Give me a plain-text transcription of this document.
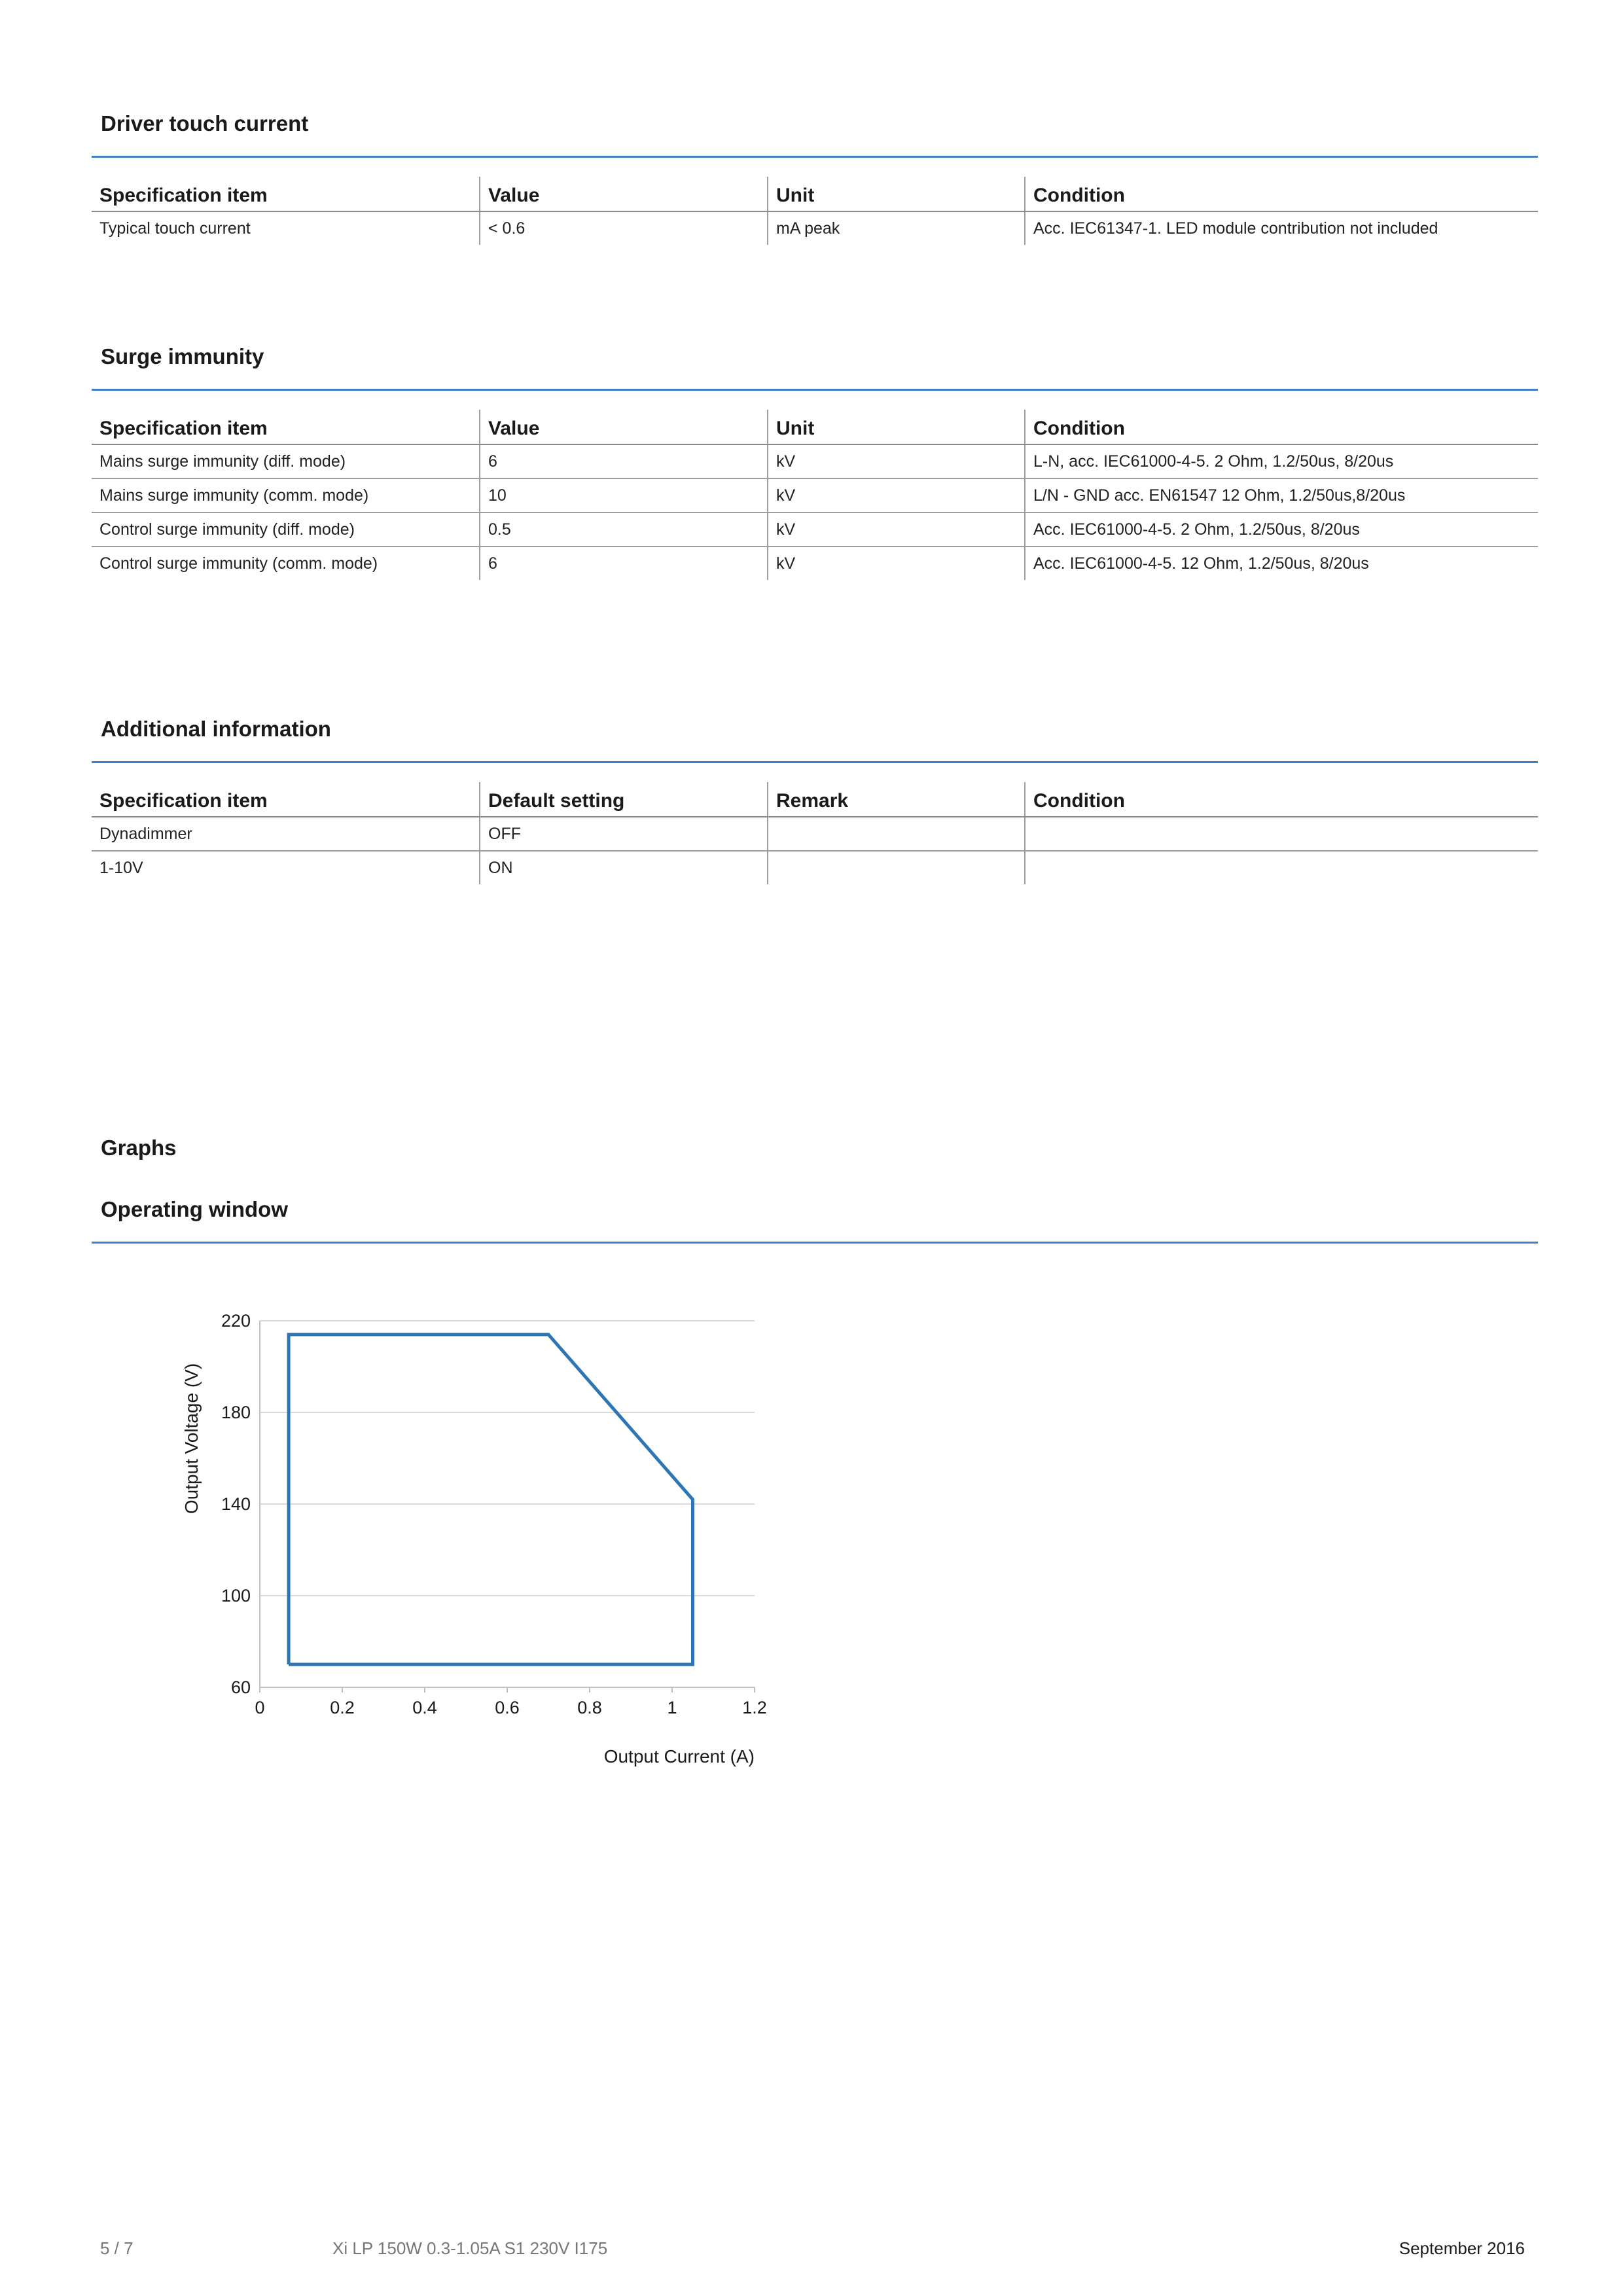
Driver touch current
Specification item	Value	Unit	Condition
Typical touch current	< 0.6	mA peak	Acc. IEC61347-1. LED module contribution not included
Surge immunity
Specification item	Value	Unit	Condition
Mains surge immunity (diff. mode)	6	kV	L-N, acc. IEC61000-4-5. 2 Ohm, 1.2/50us, 8/20us
Mains surge immunity (comm. mode)	10	kV	L/N - GND acc. EN61547 12 Ohm, 1.2/50us,8/20us
Control surge immunity (diff. mode)	0.5	kV	Acc. IEC61000-4-5. 2 Ohm, 1.2/50us, 8/20us
Control surge immunity (comm. mode)	6	kV	Acc. IEC61000-4-5. 12 Ohm, 1.2/50us, 8/20us
Additional information
Specification item	Default setting	Remark	Condition
Dynadimmer	OFF		
1-10V	ON		
Graphs
Operating window
60
100
140
180
220
0	0.2	0.4	0.6	0.8	1	1.2
Output Current (A)
Output Voltage (V)
5 / 7	Xi LP 150W 0.3-1.05A S1 230V I175	September 2016
